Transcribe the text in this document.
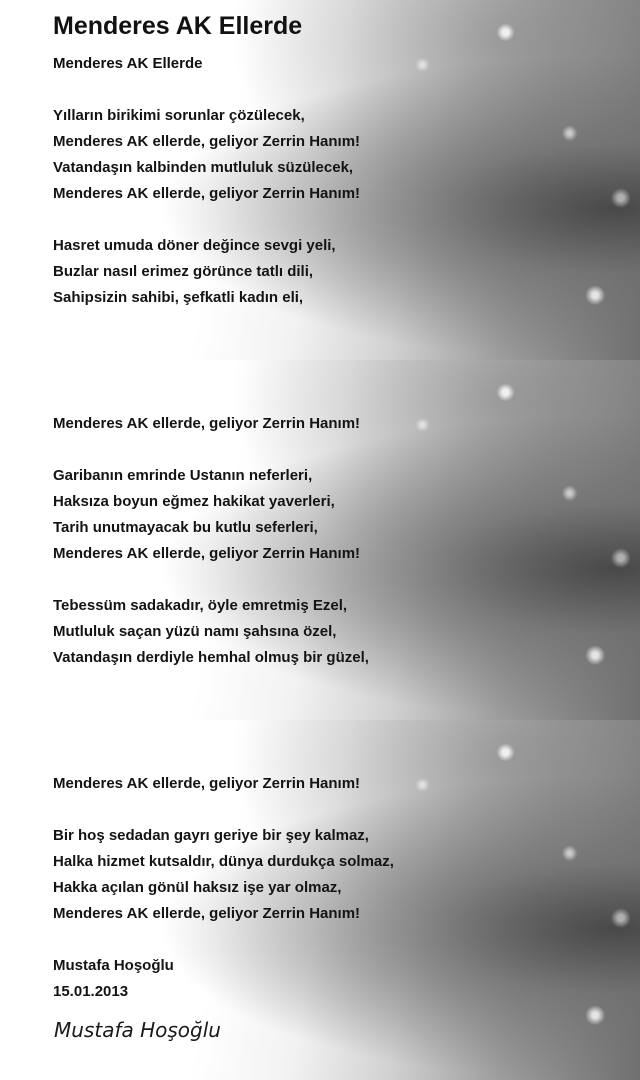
Menderes AK Ellerde
Menderes AK Ellerde
Yılların birikimi sorunlar çözülecek,
Menderes AK ellerde, geliyor Zerrin Hanım!
Vatandaşın kalbinden mutluluk süzülecek,
Menderes AK ellerde, geliyor Zerrin Hanım!
Hasret umuda döner değince sevgi yeli,
Buzlar nasıl erimez görünce tatlı dili,
Sahipsizin sahibi, şefkatli kadın eli,
Menderes AK ellerde, geliyor Zerrin Hanım!
Garibanın emrinde Ustanın neferleri,
Haksıza boyun eğmez hakikat yaverleri,
Tarih unutmayacak bu kutlu seferleri,
Menderes AK ellerde, geliyor Zerrin Hanım!
Tebessüm sadakadır, öyle emretmiş Ezel,
Mutluluk saçan yüzü namı şahsına özel,
Vatandaşın derdiyle hemhal olmuş bir güzel,
Menderes AK ellerde, geliyor Zerrin Hanım!
Bir hoş sedadan gayrı geriye bir şey kalmaz,
Halka hizmet kutsaldır, dünya durdukça solmaz,
Hakka açılan gönül haksız işe yar olmaz,
Menderes AK ellerde, geliyor Zerrin Hanım!
Mustafa Hoşoğlu
15.01.2013
Mustafa Hoşoğlu
